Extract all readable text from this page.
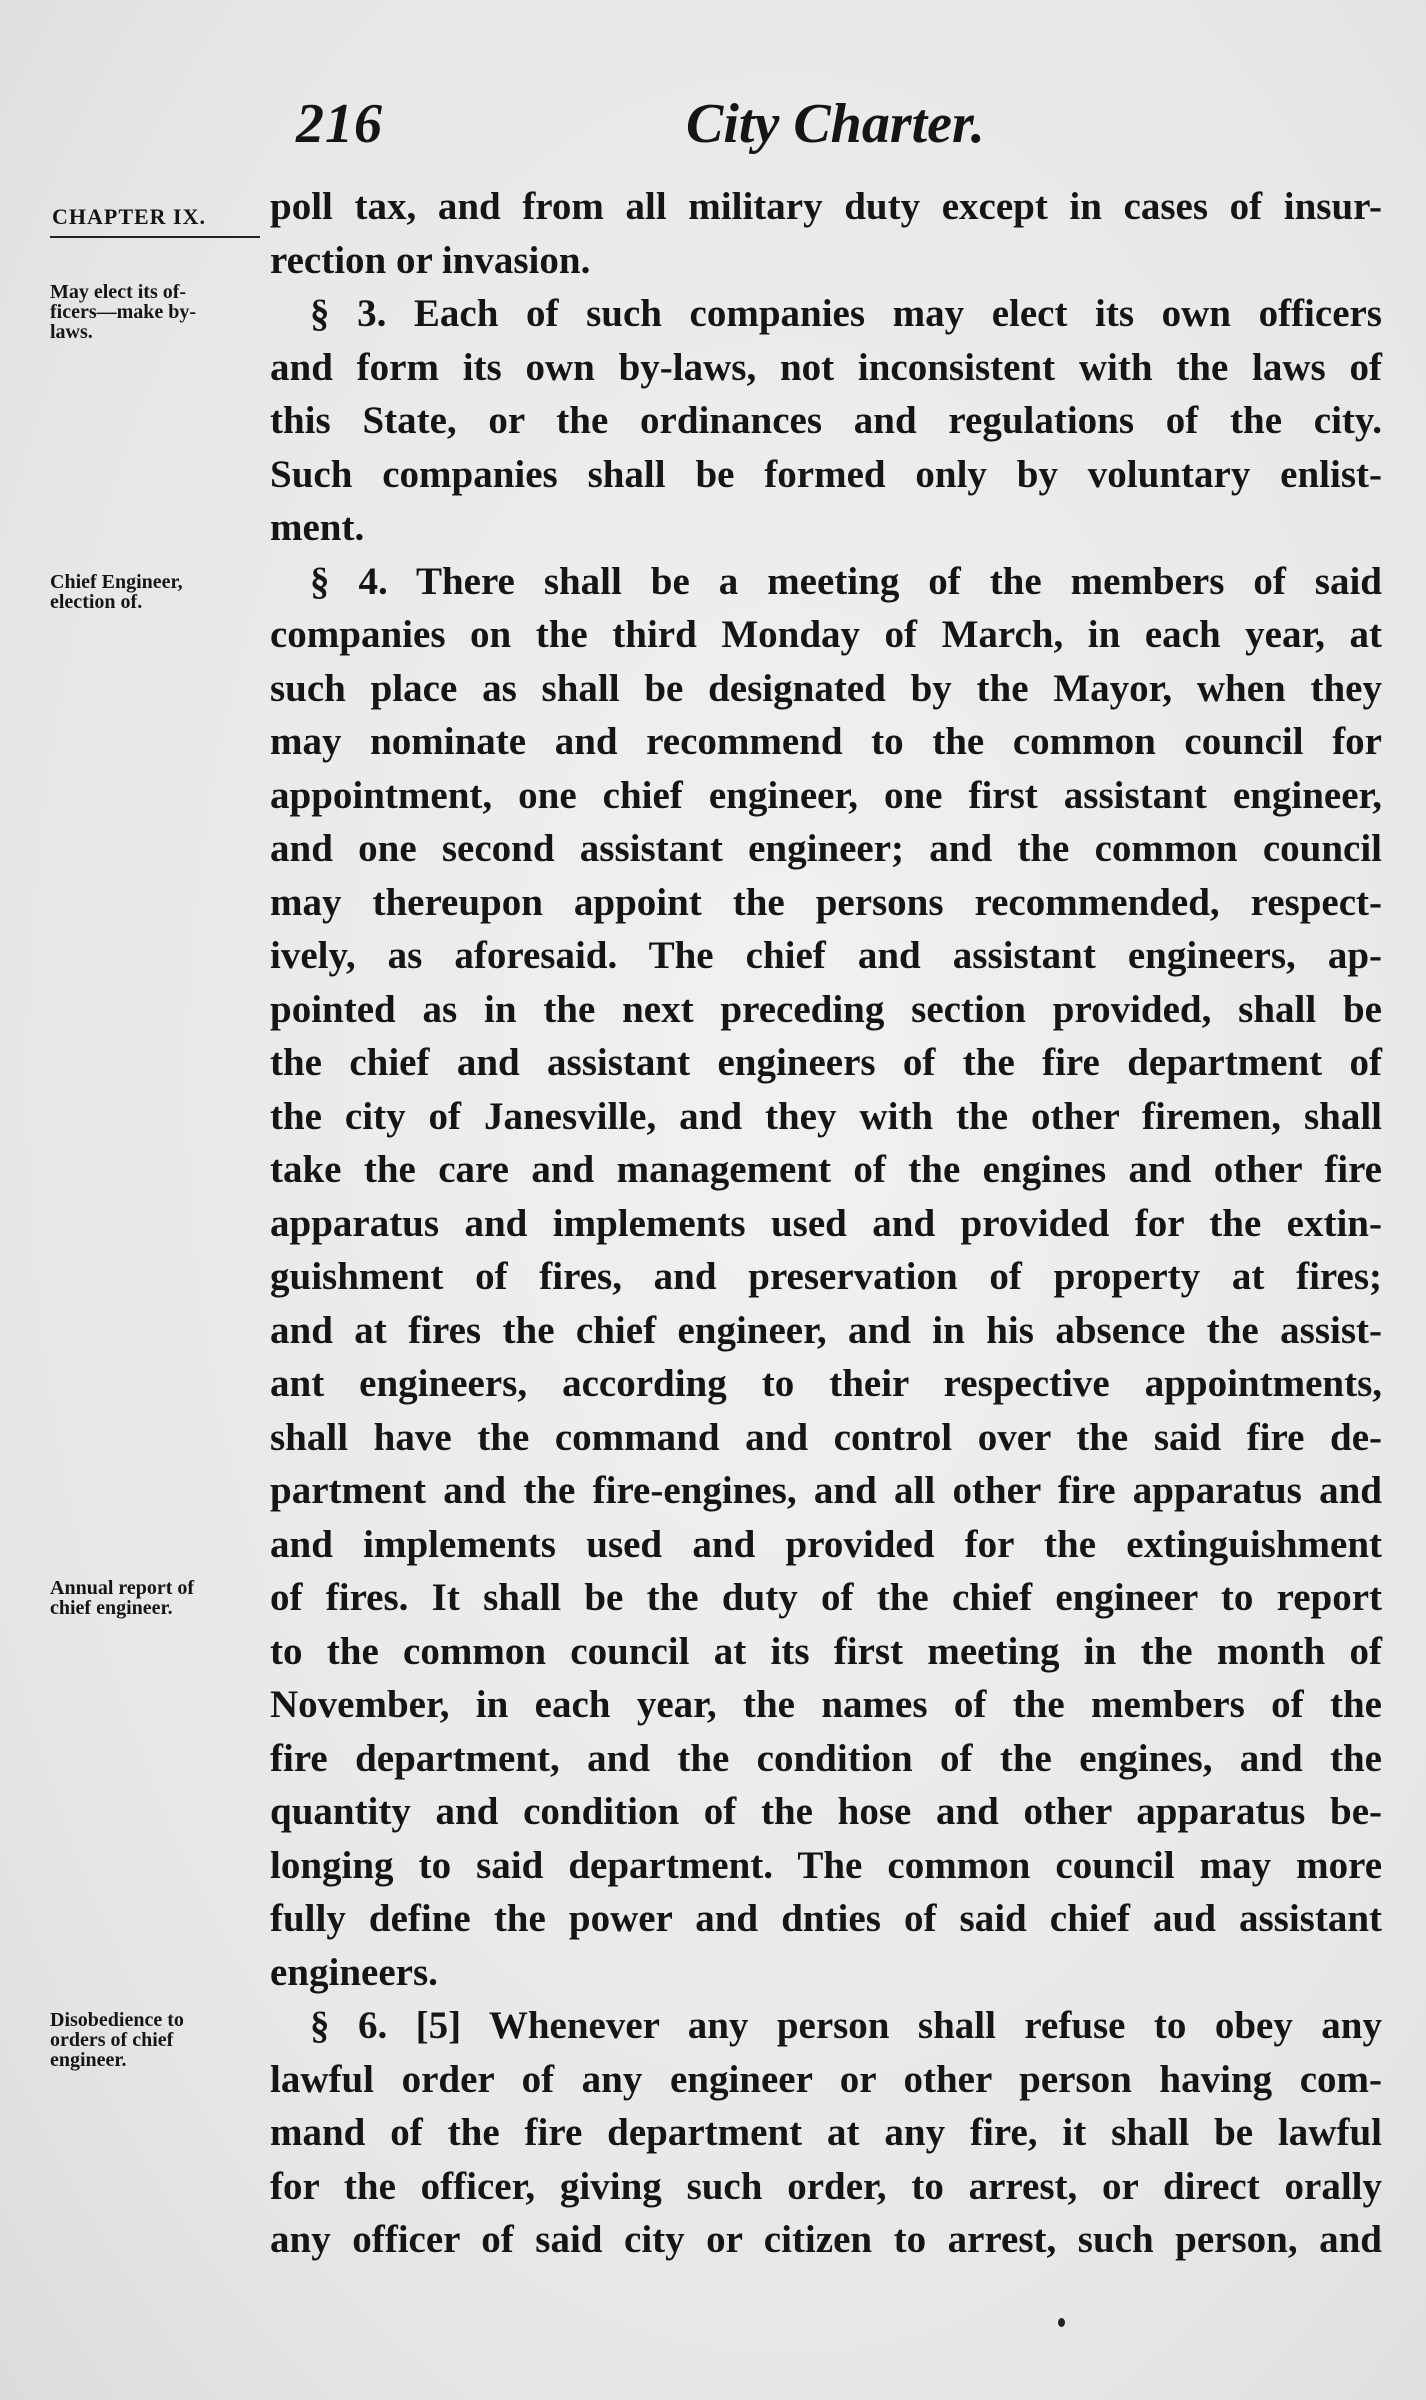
216	City Charter.
CHAPTER IX.
May elect its of-
ficers—make by-
laws.
Chief Engineer,
election of.
Annual report of
chief engineer.
Disobedience to
orders of chief
engineer.
poll tax, and from all military duty except in cases of insur-
rection or invasion.
§ 3. Each of such companies may elect its own officers
and form its own by-laws, not inconsistent with the laws of
this State, or the ordinances and regulations of the city.
Such companies shall be formed only by voluntary enlist-
ment.
§ 4. There shall be a meeting of the members of said
companies on the third Monday of March, in each year, at
such place as shall be designated by the Mayor, when they
may nominate and recommend to the common council for
appointment, one chief engineer, one first assistant engineer,
and one second assistant engineer; and the common council
may thereupon appoint the persons recommended, respect-
ively, as aforesaid. The chief and assistant engineers, ap-
pointed as in the next preceding section provided, shall be
the chief and assistant engineers of the fire department of
the city of Janesville, and they with the other firemen, shall
take the care and management of the engines and other fire
apparatus and implements used and provided for the extin-
guishment of fires, and preservation of property at fires;
and at fires the chief engineer, and in his absence the assist-
ant engineers, according to their respective appointments,
shall have the command and control over the said fire de-
partment and the fire-engines, and all other fire apparatus and
and implements used and provided for the extinguishment
of fires. It shall be the duty of the chief engineer to report
to the common council at its first meeting in the month of
November, in each year, the names of the members of the
fire department, and the condition of the engines, and the
quantity and condition of the hose and other apparatus be-
longing to said department. The common council may more
fully define the power and dnties of said chief aud assistant
engineers.
§ 6. [5] Whenever any person shall refuse to obey any
lawful order of any engineer or other person having com-
mand of the fire department at any fire, it shall be lawful
for the officer, giving such order, to arrest, or direct orally
any officer of said city or citizen to arrest, such person, and
